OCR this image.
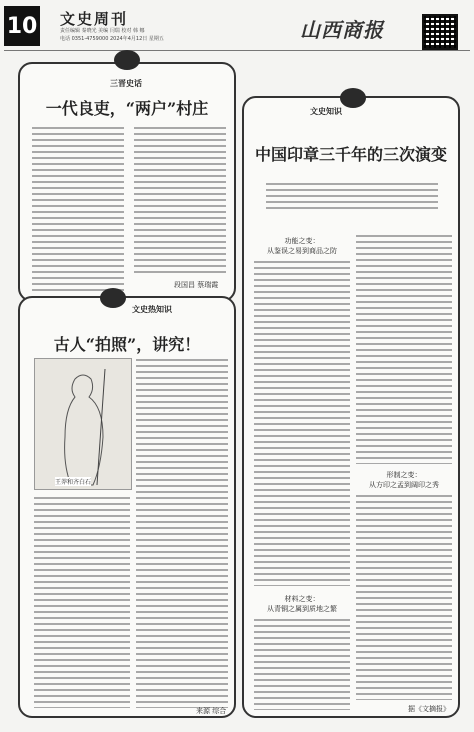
10 文史周刊
责任编辑 秦晓光 美编 闫瑞 校对 韩 娜
电话 0351-4759000 2024年4月12日 星期五	山西商报
三晋史话
一代良吏，“两户”村庄
段国昌 蔡瑞霞
文史热知识
古人“拍照”，讲究！
王莽和齐白石
来源 综合
文史知识
中国印章三千年的三次演变
功能之变：
从鉴误之易到商品之防
材料之变：
从青铜之属到质地之繁
形制之变：
从方印之孟到阔印之秀
据《文摘报》
